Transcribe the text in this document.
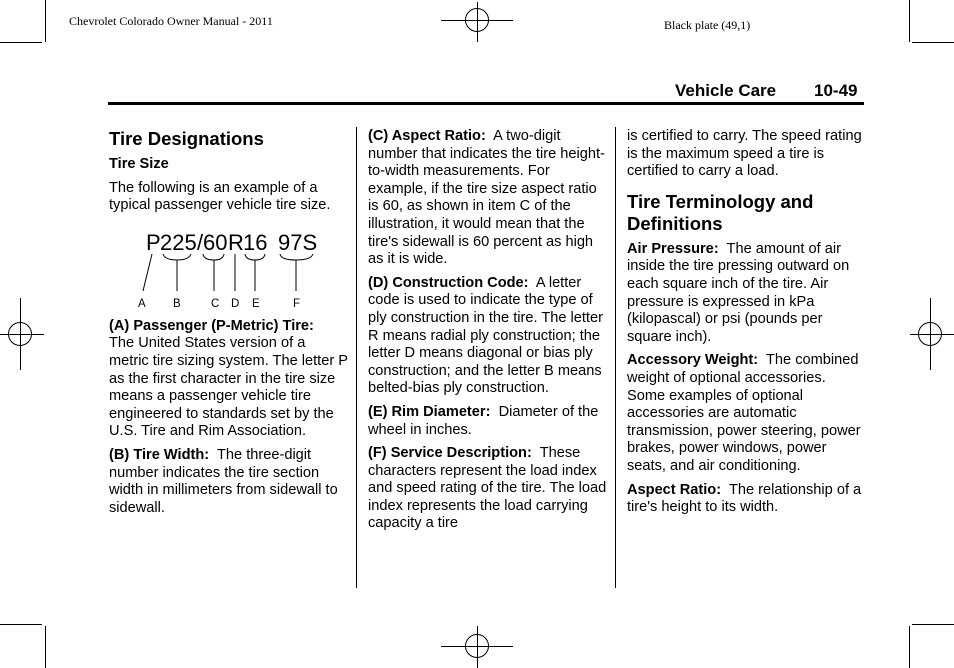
Chevrolet Colorado Owner Manual - 2011	Black plate (49,1)
Vehicle Care 10-49
Tire Designations
Tire Size

The following is an example of a typical passenger vehicle tire size.

P 225 / 60 R 16 97S
A B	C D E	F

(A) Passenger (P-Metric) Tire:
The United States version of a metric tire sizing system. The letter P as the first character in the tire size means a passenger vehicle tire engineered to standards set by the U.S. Tire and Rim Association.

(B) Tire Width: The three-digit number indicates the tire section width in millimeters from sidewall to sidewall.

(C) Aspect Ratio: A two-digit number that indicates the tire height-to-width measurements. For example, if the tire size aspect ratio is 60, as shown in item C of the illustration, it would mean that the tire's sidewall is 60 percent as high as it is wide.

(D) Construction Code: A letter code is used to indicate the type of ply construction in the tire. The letter R means radial ply construction; the letter D means diagonal or bias ply construction; and the letter B means belted-bias ply construction.

(E) Rim Diameter: Diameter of the wheel in inches.

(F) Service Description: These characters represent the load index and speed rating of the tire. The load index represents the load carrying capacity a tire

is certified to carry. The speed rating is the maximum speed a tire is certified to carry a load.

Tire Terminology and Definitions

Air Pressure: The amount of air inside the tire pressing outward on each square inch of the tire. Air pressure is expressed in kPa (kilopascal) or psi (pounds per square inch).

Accessory Weight: The combined weight of optional accessories. Some examples of optional accessories are automatic transmission, power steering, power brakes, power windows, power seats, and air conditioning.

Aspect Ratio: The relationship of a tire's height to its width.
